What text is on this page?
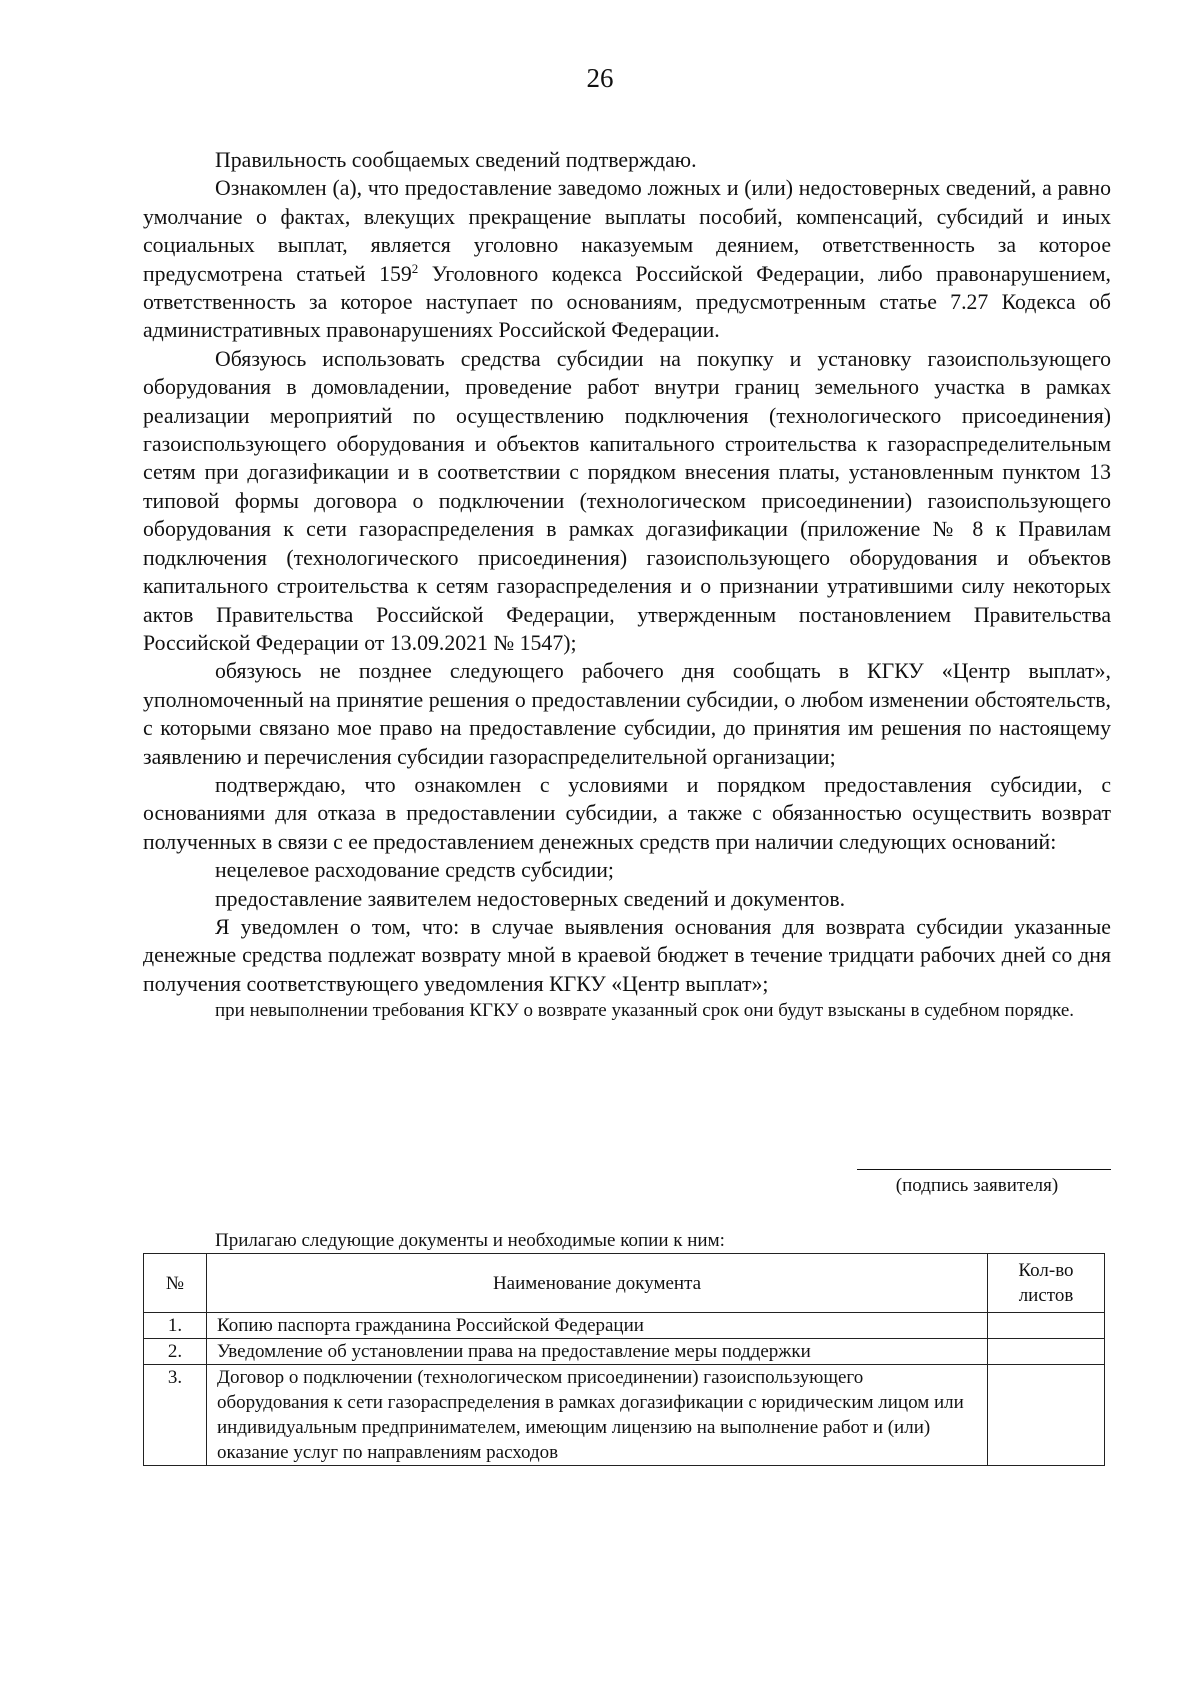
26

Правильность сообщаемых сведений подтверждаю.

Ознакомлен (а), что предоставление заведомо ложных и (или) недостоверных сведений, а равно умолчание о фактах, влекущих прекращение выплаты пособий, компенсаций, субсидий и иных социальных выплат, является уголовно наказуемым деянием, ответственность за которое предусмотрена статьей $159^2$ Уголовного кодекса Российской Федерации, либо правонарушением, ответственность за которое наступает по основаниям, предусмотренным статье 7.27 Кодекса об административных правонарушениях Российской Федерации.

Обязуюсь использовать средства субсидии на покупку и установку газоиспользующего оборудования в домовладении, проведение работ внутри границ земельного участка в рамках реализации мероприятий по осуществлению подключения (технологического присоединения) газоиспользующего оборудования и объектов капитального строительства к газораспределительным сетям при догазификации и в соответствии с порядком внесения платы, установленным пунктом 13 типовой формы договора о подключении (технологическом присоединении) газоиспользующего оборудования к сети газораспределения в рамках догазификации (приложение № 8 к Правилам подключения (технологического присоединения) газоиспользующего оборудования и объектов капитального строительства к сетям газораспределения и о признании утратившими силу некоторых актов Правительства Российской Федерации, утвержденным постановлением Правительства Российской Федерации от 13.09.2021 № 1547);

обязуюсь не позднее следующего рабочего дня сообщать в КГКУ «Центр выплат», уполномоченный на принятие решения о предоставлении субсидии, о любом изменении обстоятельств, с которыми связано мое право на предоставление субсидии, до принятия им решения по настоящему заявлению и перечисления субсидии газораспределительной организации;

подтверждаю, что ознакомлен с условиями и порядком предоставления субсидии, с основаниями для отказа в предоставлении субсидии, а также с обязанностью осуществить возврат полученных в связи с ее предоставлением денежных средств при наличии следующих оснований:

нецелевое расходование средств субсидии;

предоставление заявителем недостоверных сведений и документов.

Я уведомлен о том, что: в случае выявления основания для возврата субсидии указанные денежные средства подлежат возврату мной в краевой бюджет в течение тридцати рабочих дней со дня получения соответствующего уведомления КГКУ «Центр выплат»;

при невыполнении требования КГКУ о возврате указанный срок они будут взысканы в судебном порядке.

(подпись заявителя)
Прилагаю следующие документы и необходимые копии к ним:
№	Наименование документа	Кол-во листов
1.	Копию паспорта гражданина Российской Федерации	
2.	Уведомление об установлении права на предоставление меры поддержки	
3.	Договор о подключении (технологическом присоединении) газоиспользующего оборудования к сети газораспределения в рамках догазификации с юридическим лицом или индивидуальным предпринимателем, имеющим лицензию на выполнение работ и (или) оказание услуг по направлениям расходов	
